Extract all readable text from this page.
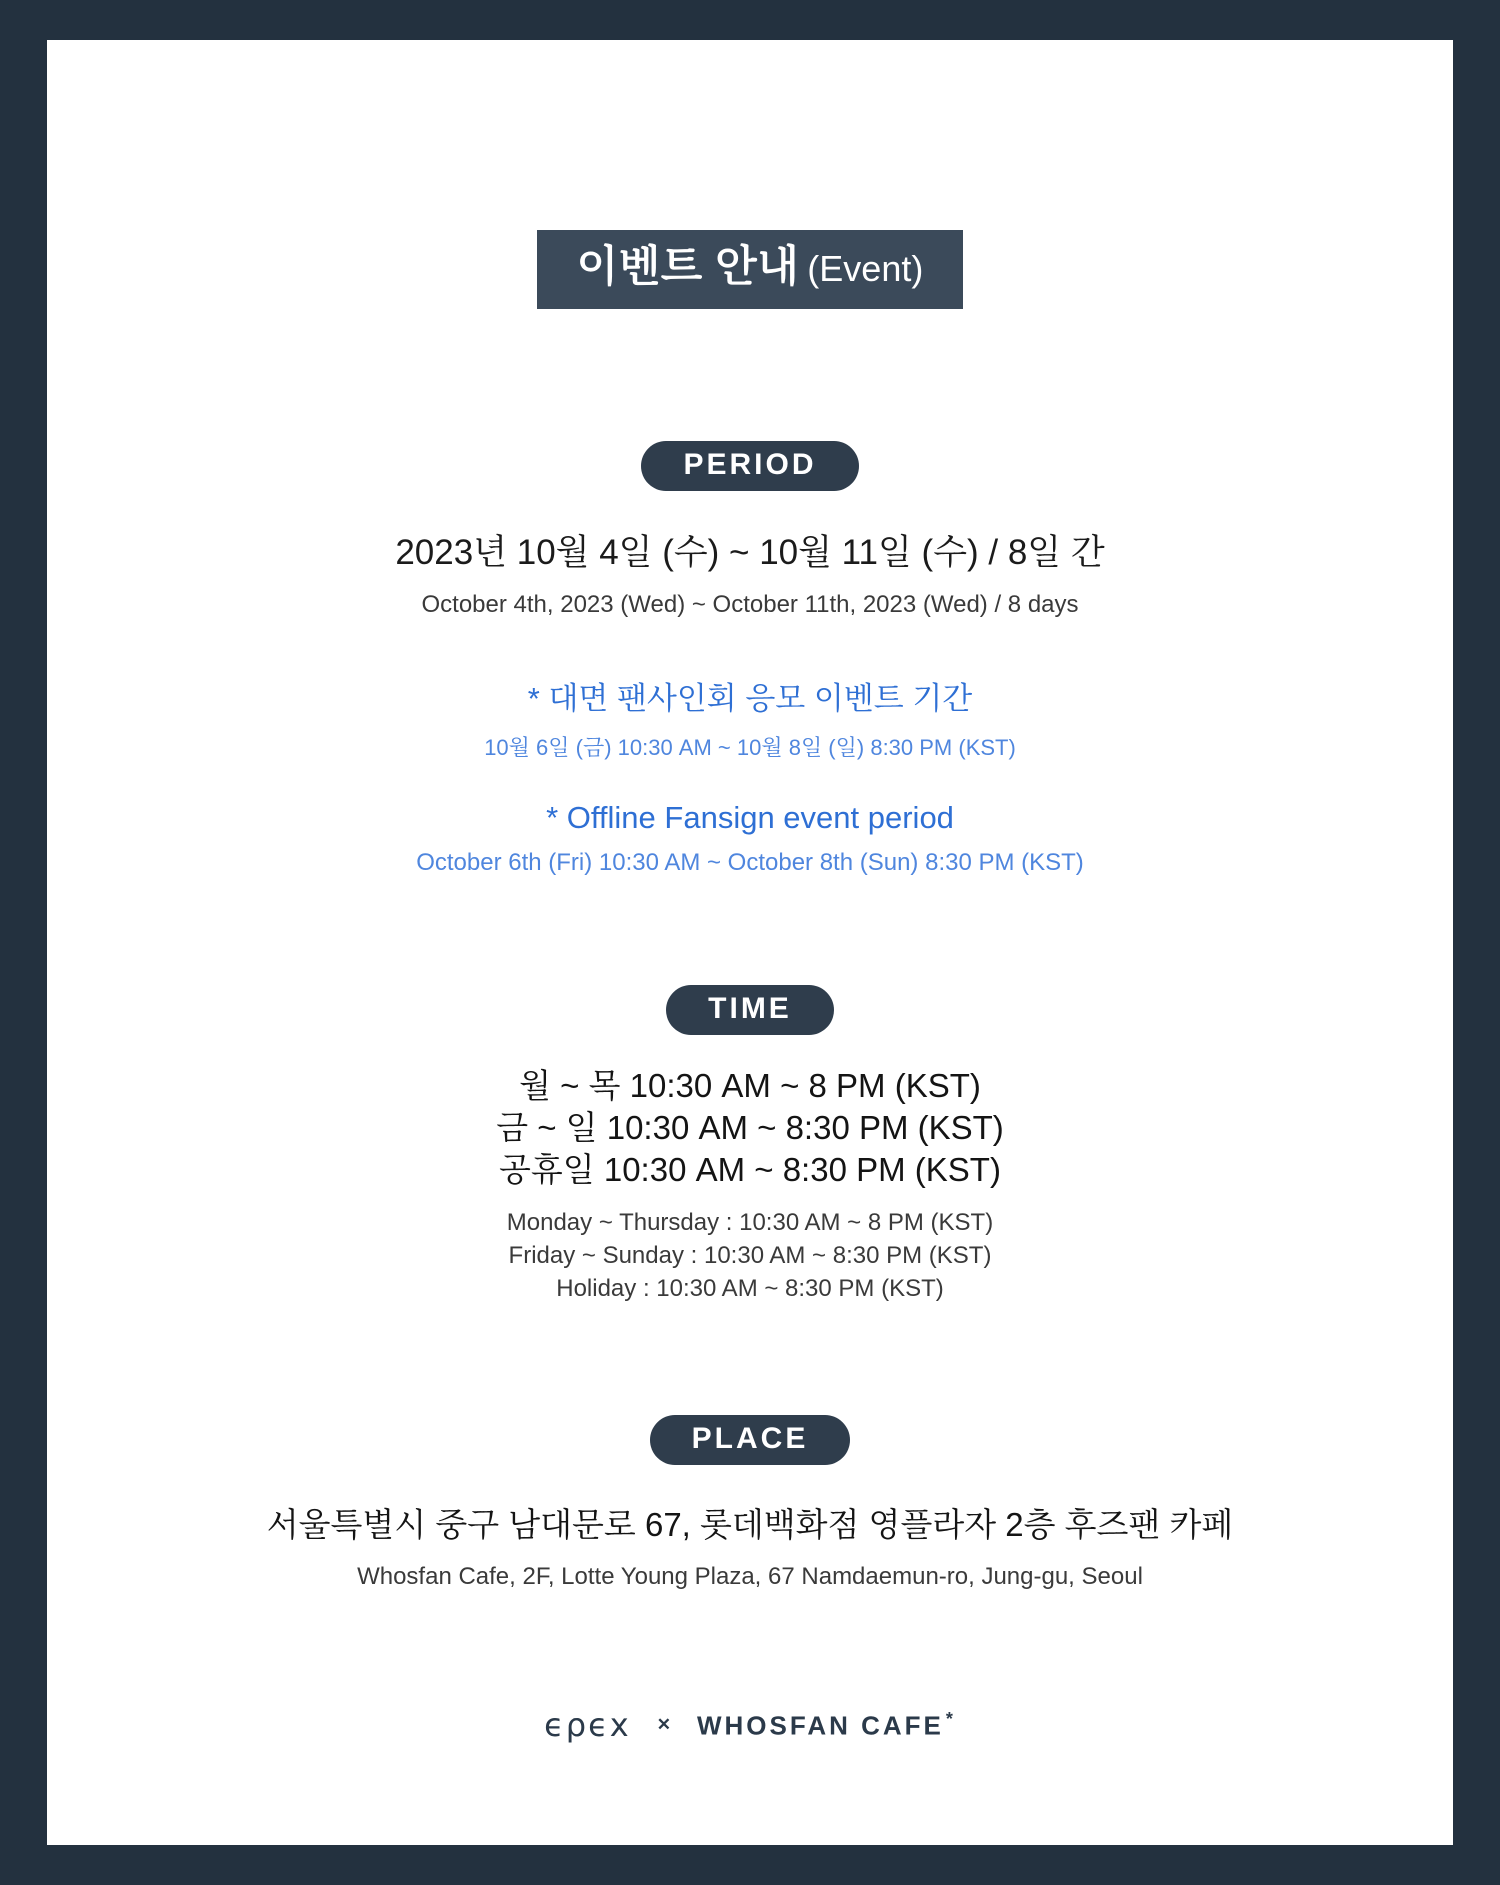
이벤트 안내 (Event)
PERIOD
2023년 10월 4일 (수) ~ 10월 11일 (수) / 8일 간
October 4th, 2023 (Wed) ~ October 11th, 2023 (Wed) / 8 days
* 대면 팬사인회 응모 이벤트 기간
10월 6일 (금) 10:30 AM ~ 10월 8일 (일) 8:30 PM (KST)
* Offline Fansign event period
October 6th (Fri) 10:30 AM ~ October 8th (Sun) 8:30 PM (KST)
TIME
월 ~ 목 10:30 AM ~ 8 PM (KST)
금 ~ 일 10:30 AM ~ 8:30 PM (KST)
공휴일 10:30 AM ~ 8:30 PM (KST)
Monday ~ Thursday : 10:30 AM ~ 8 PM (KST)
Friday ~ Sunday : 10:30 AM ~ 8:30 PM (KST)
Holiday : 10:30 AM ~ 8:30 PM (KST)
PLACE
서울특별시 중구 남대문로 67, 롯데백화점 영플라자 2층 후즈팬 카페
Whosfan Cafe, 2F, Lotte Young Plaza, 67 Namdaemun-ro, Jung-gu, Seoul
ϵρϵx ✕ WHOSFAN CAFE *
